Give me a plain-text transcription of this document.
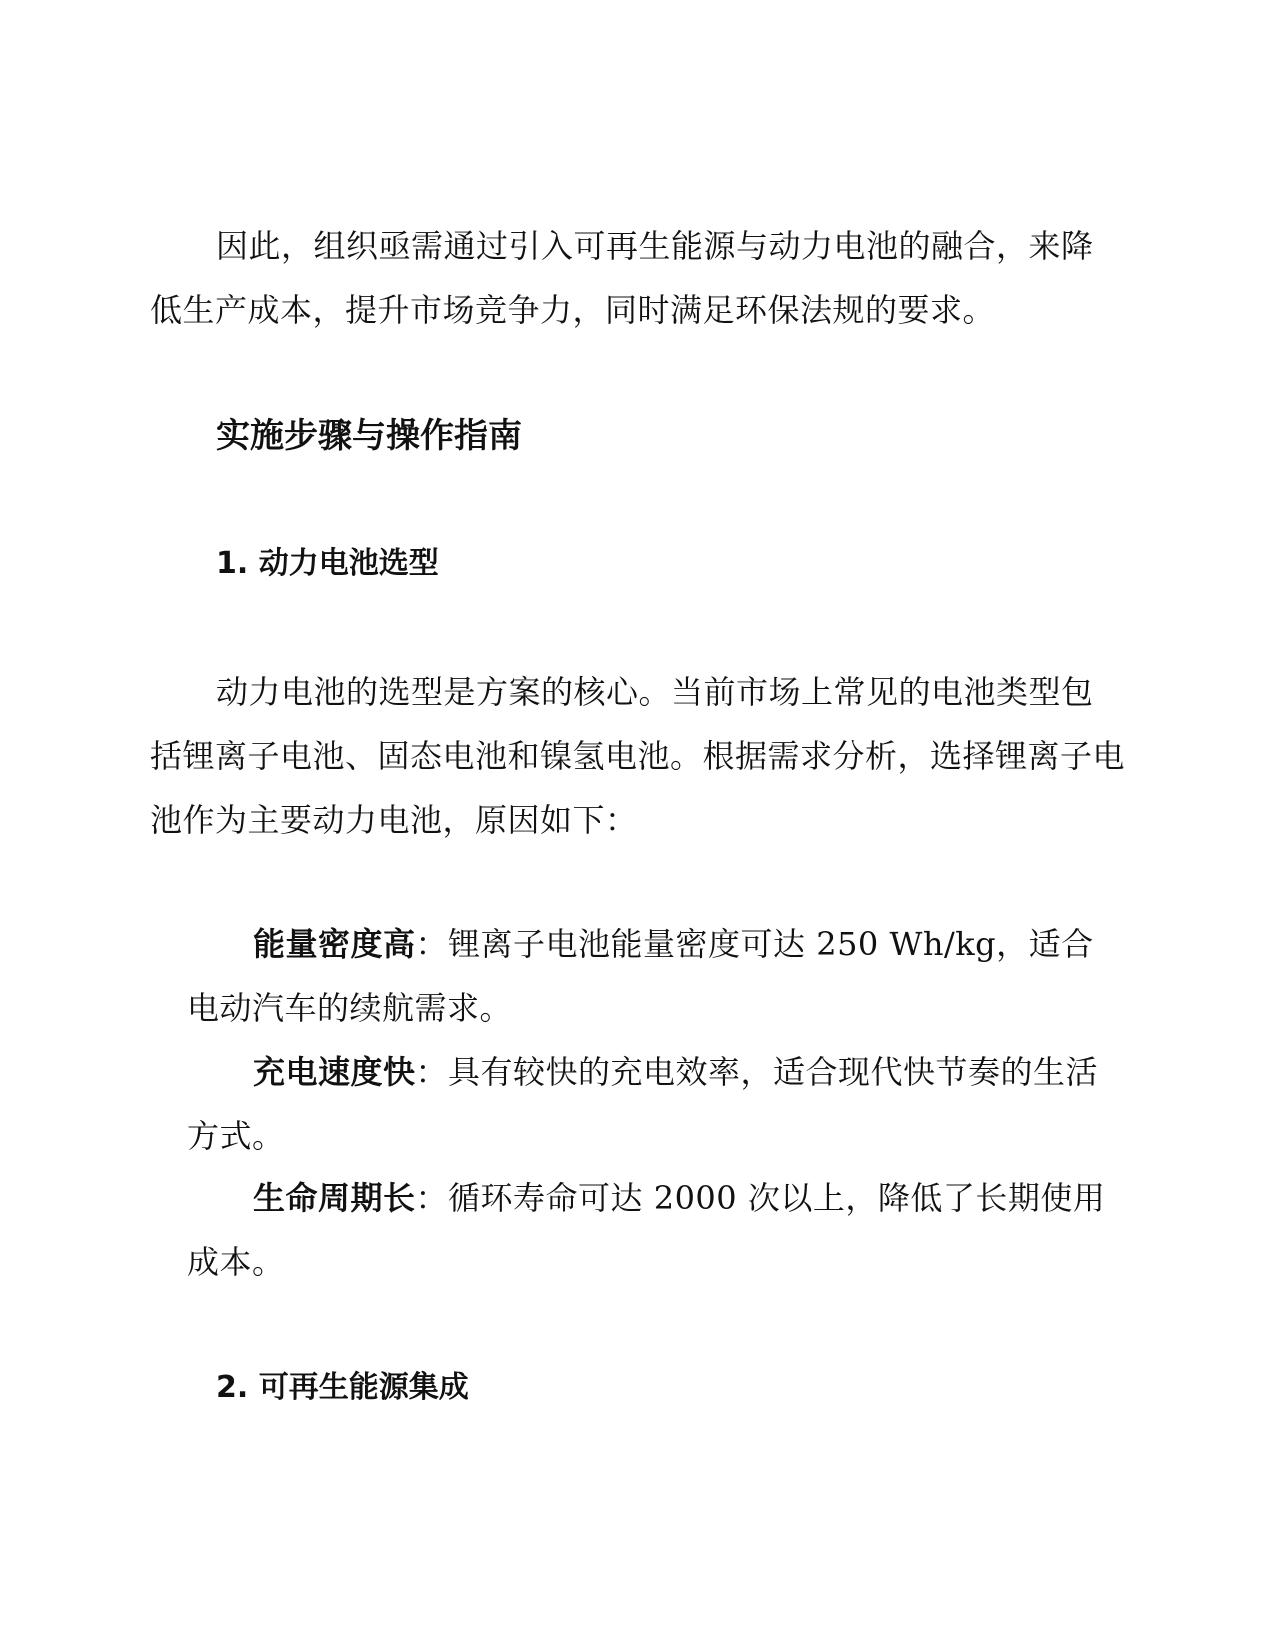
因此，组织亟需通过引入可再生能源与动力电池的融合，来降低生产成本，提升市场竞争力，同时满足环保法规的要求。

实施步骤与操作指南
1. 动力电池选型

动力电池的选型是方案的核心。当前市场上常见的电池类型包括锂离子电池、固态电池和镍氢电池。根据需求分析，选择锂离子电池作为主要动力电池，原因如下：

能量密度高：锂离子电池能量密度可达 250 Wh/kg，适合电动汽车的续航需求。

充电速度快：具有较快的充电效率，适合现代快节奏的生活方式。

生命周期长：循环寿命可达 2000 次以上，降低了长期使用成本。

2. 可再生能源集成
